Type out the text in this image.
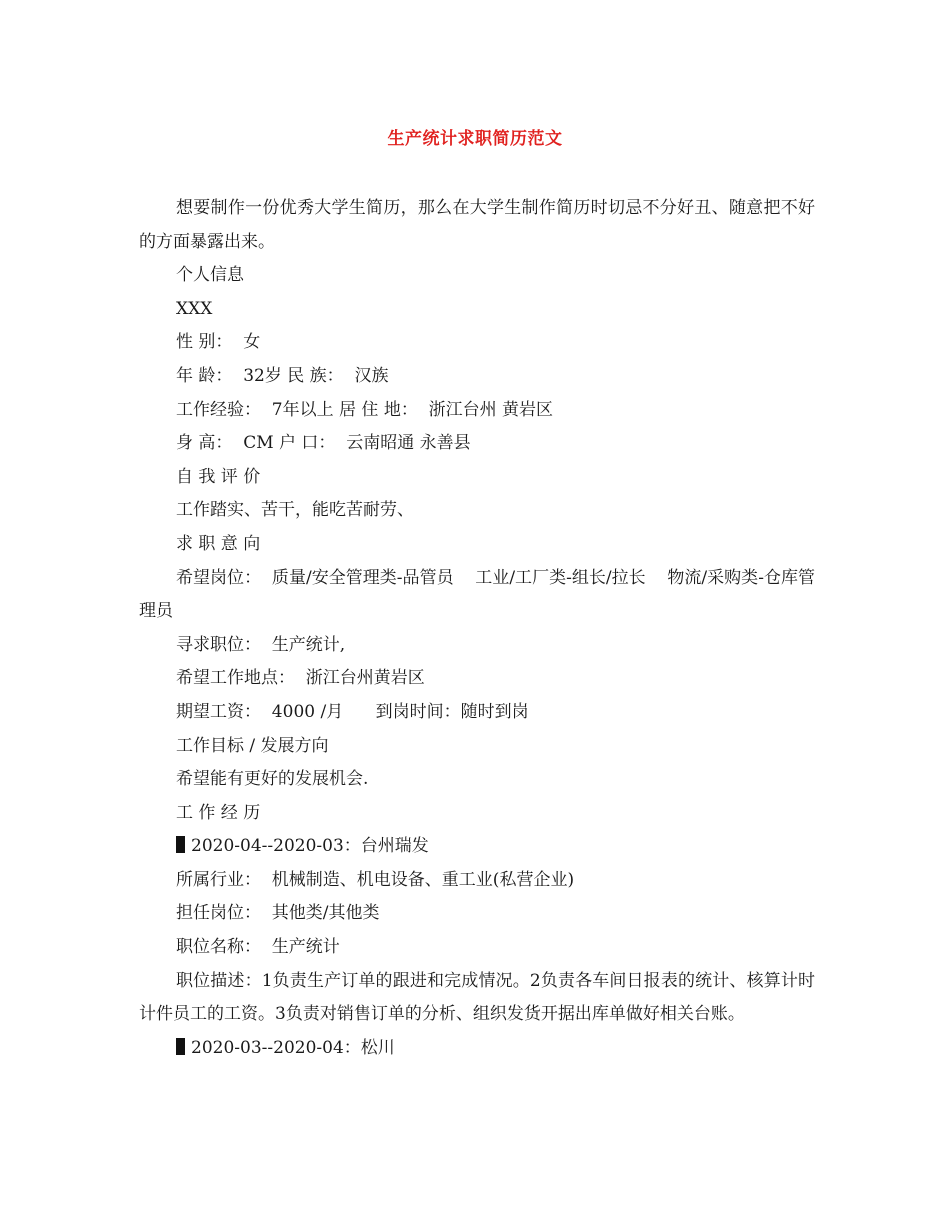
生产统计求职简历范文

想要制作一份优秀大学生简历，那么在大学生制作简历时切忌不分好丑、随意把不好的方面暴露出来。

个人信息

XXX

性 别：  女

年 龄：  32岁 民 族：  汉族

工作经验：  7年以上 居 住 地：  浙江台州 黄岩区

身 高：  CM 户 口：  云南昭通 永善县

自 我 评 价

工作踏实、苦干，能吃苦耐劳、

求 职 意 向

希望岗位：  质量/安全管理类-品管员    工业/工厂类-组长/拉长    物流/采购类-仓库管理员

寻求职位：  生产统计,

希望工作地点：  浙江台州黄岩区

期望工资：  4000 /月      到岗时间：随时到岗

工作目标 / 发展方向

希望能有更好的发展机会.

工 作 经 历

2020-04--2020-03：台州瑞发

所属行业：  机械制造、机电设备、重工业(私营企业)

担任岗位：  其他类/其他类

职位名称：  生产统计

职位描述：1负责生产订单的跟进和完成情况。2负责各车间日报表的统计、核算计时计件员工的工资。3负责对销售订单的分析、组织发货开据出库单做好相关台账。

2020-03--2020-04：松川
